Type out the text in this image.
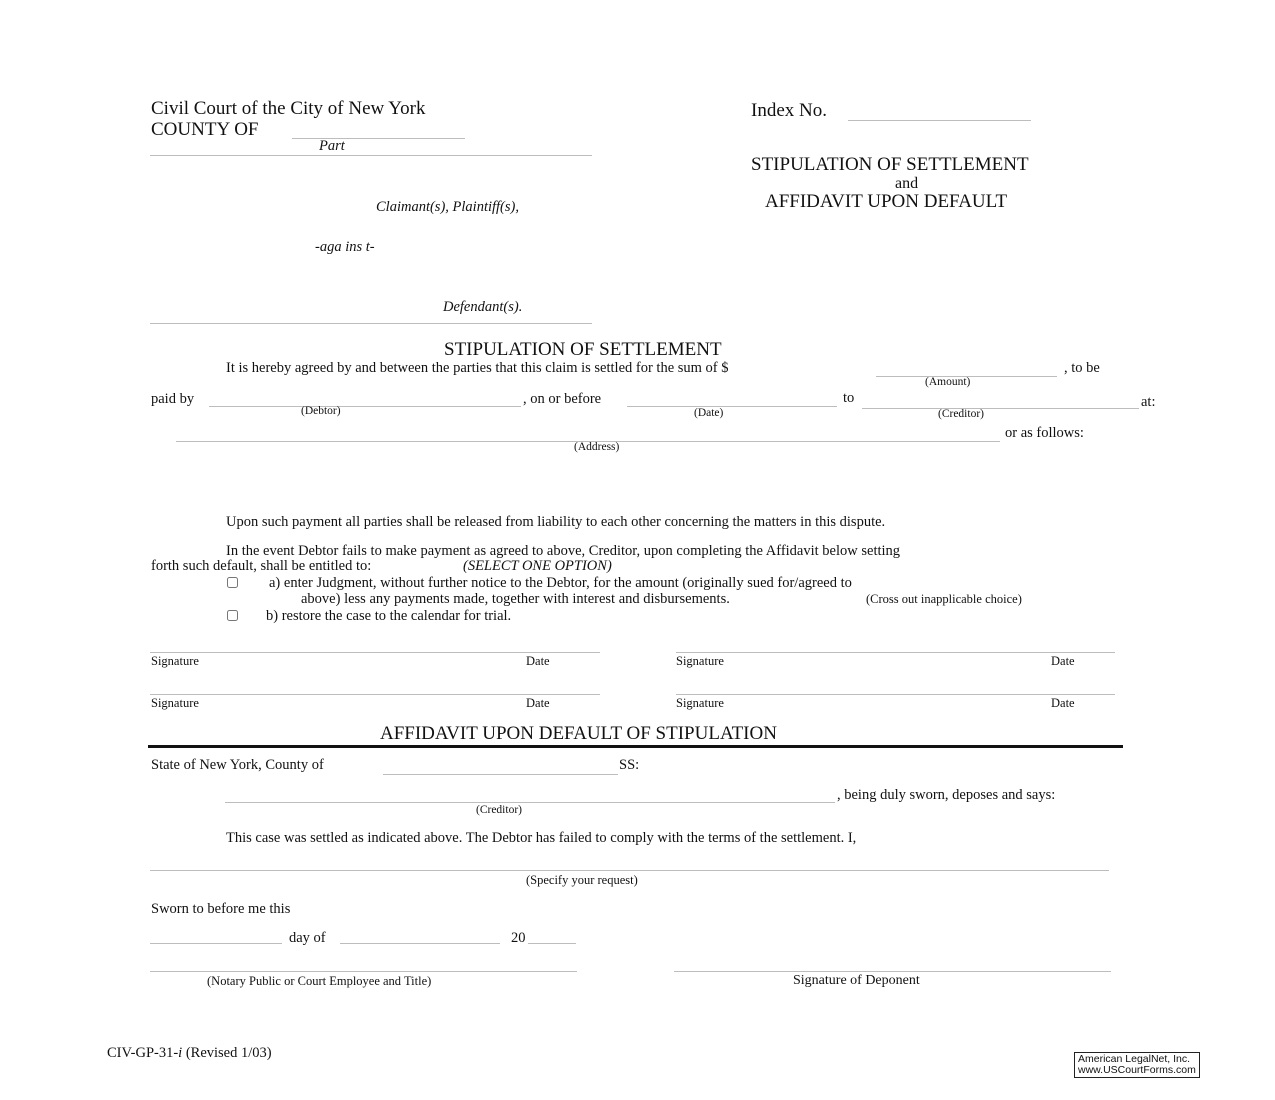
Civil Court of the City of New York
COUNTY OF
Part
Index No.
STIPULATION OF SETTLEMENT
and
AFFIDAVIT UPON DEFAULT
Claimant(s), Plaintiff(s),
-aga ins t-
Defendant(s).
STIPULATION OF SETTLEMENT
It is hereby agreed by and between the parties that this claim is settled for the sum of $	, to be
(Amount)
paid by
(Debtor)
, on or before
(Date)
to
(Creditor)
at:
or as follows:
(Address)
Upon such payment all parties shall be released from liability to each other concerning the matters in this dispute.
In the event Debtor fails to make payment as agreed to above, Creditor, upon completing the Affidavit below setting
forth such default, shall be entitled to:	(SELECT ONE OPTION)
a) enter Judgment, without further notice to the Debtor, for the amount (originally sued for/agreed to
above) less any payments made, together with interest and disbursements.	(Cross out inapplicable choice)
b) restore the case to the calendar for trial.
Signature	Date	Signature	Date
Signature	Date	Signature	Date
AFFIDAVIT UPON DEFAULT OF STIPULATION
State of New York, County of	SS:
, being duly sworn, deposes and says:
(Creditor)
This case was settled as indicated above. The Debtor has failed to comply with the terms of the settlement. I,
(Specify your request)
Sworn to before me this
day of	20
(Notary Public or Court Employee and Title)	Signature of Deponent
CIV-GP-31-i (Revised 1/03)	American LegalNet, Inc.
www.USCourtForms.com
